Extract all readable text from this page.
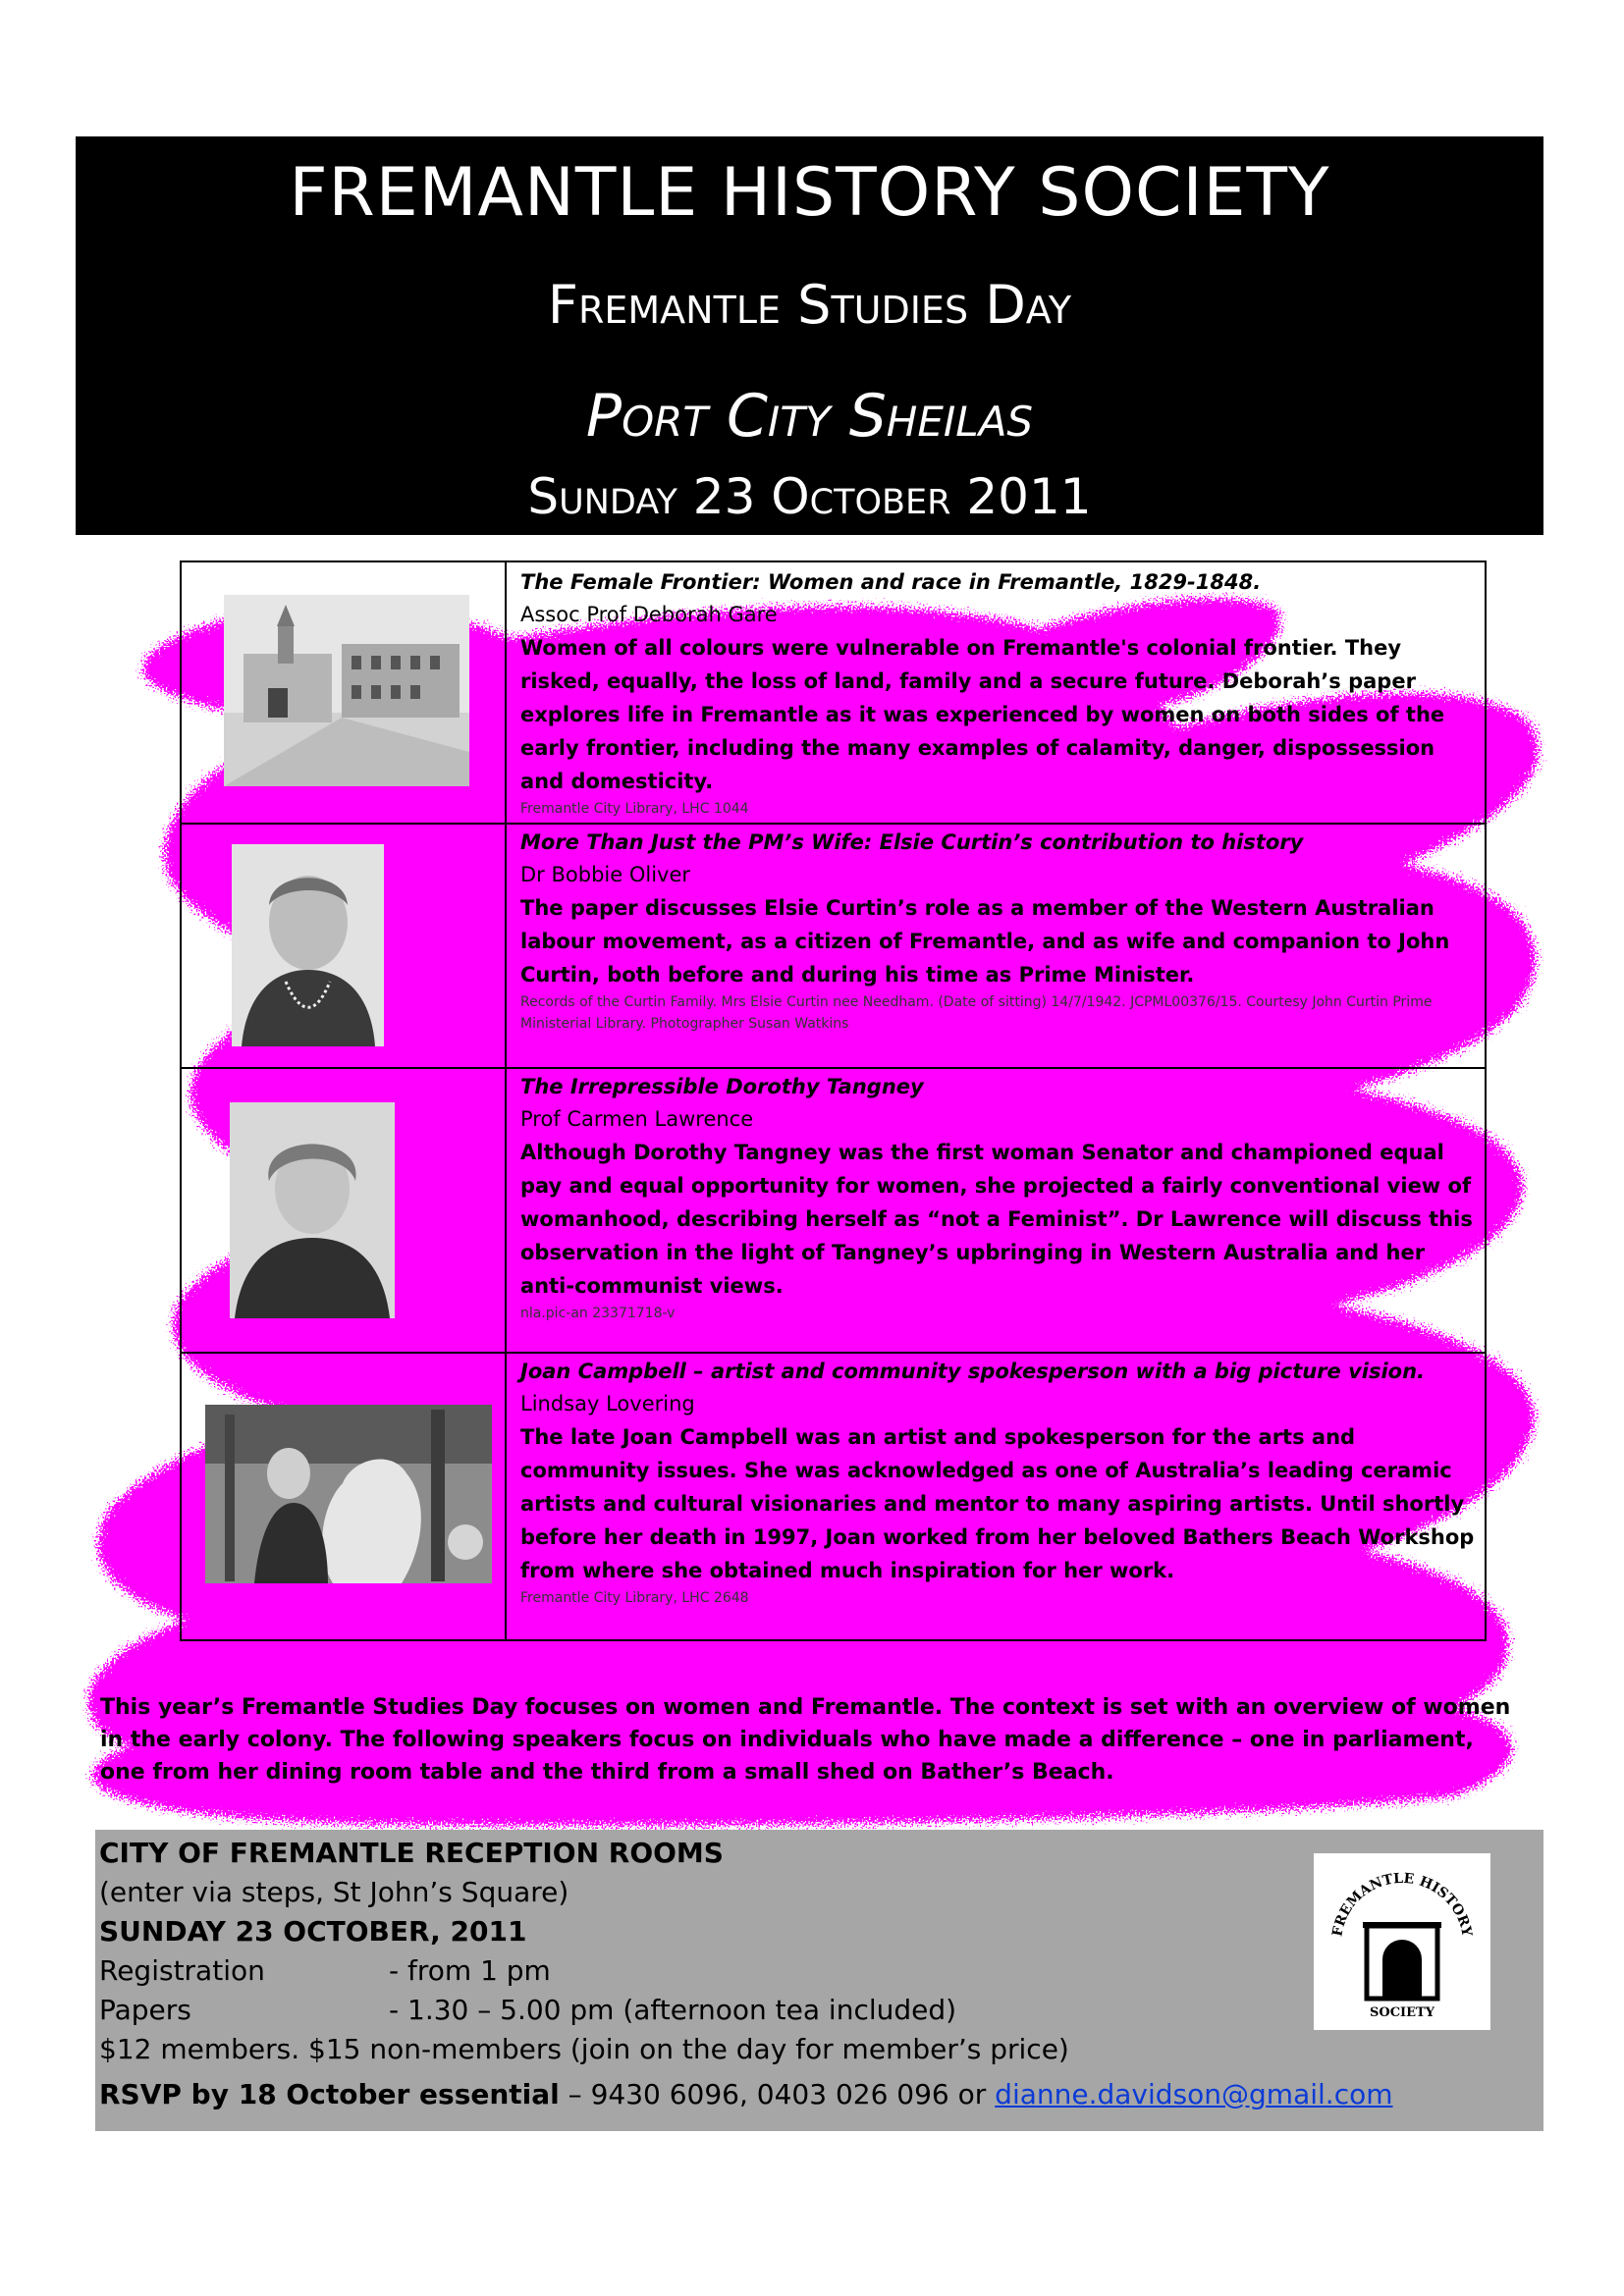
FREMANTLE HISTORY SOCIETY
Fremantle Studies Day
Port City Sheilas
Sunday 23 October 2011
The Female Frontier: Women and race in Fremantle, 1829-1848.
Assoc Prof Deborah Gare
Women of all colours were vulnerable on Fremantle's colonial frontier. They risked, equally, the loss of land, family and a secure future. Deborah’s paper explores life in Fremantle as it was experienced by women on both sides of the early frontier, including the many examples of calamity, danger, dispossession and domesticity.
Fremantle City Library, LHC 1044
More Than Just the PM’s Wife: Elsie Curtin’s contribution to history
Dr Bobbie Oliver
The paper discusses Elsie Curtin’s role as a member of the Western Australian labour movement, as a citizen of Fremantle, and as wife and companion to John Curtin, both before and during his time as Prime Minister.
Records of the Curtin Family. Mrs Elsie Curtin nee Needham. (Date of sitting) 14/7/1942. JCPML00376/15. Courtesy John Curtin Prime Ministerial Library. Photographer Susan Watkins
The Irrepressible Dorothy Tangney
Prof Carmen Lawrence
Although Dorothy Tangney was the first woman Senator and championed equal pay and equal opportunity for women, she projected a fairly conventional view of womanhood, describing herself as “not a Feminist”. Dr Lawrence will discuss this observation in the light of Tangney’s upbringing in Western Australia and her anti-communist views.
nla.pic-an 23371718-v
Joan Campbell – artist and community spokesperson with a big picture vision.
Lindsay Lovering
The late Joan Campbell was an artist and spokesperson for the arts and community issues. She was acknowledged as one of Australia’s leading ceramic artists and cultural visionaries and mentor to many aspiring artists. Until shortly before her death in 1997, Joan worked from her beloved Bathers Beach Workshop from where she obtained much inspiration for her work.
Fremantle City Library, LHC 2648
This year’s Fremantle Studies Day focuses on women and Fremantle. The context is set with an overview of women in the early colony. The following speakers focus on individuals who have made a difference – one in parliament, one from her dining room table and the third from a small shed on Bather’s Beach.
CITY OF FREMANTLE RECEPTION ROOMS
(enter via steps, St John’s Square)
SUNDAY 23 OCTOBER, 2011
Registration	- from 1 pm
Papers	- 1.30 – 5.00 pm (afternoon tea included)
$12 members. $15 non-members (join on the day for member’s price)
RSVP by 18 October essential – 9430 6096, 0403 026 096 or dianne.davidson@gmail.com
FREMANTLE HISTORY
SOCIETY
